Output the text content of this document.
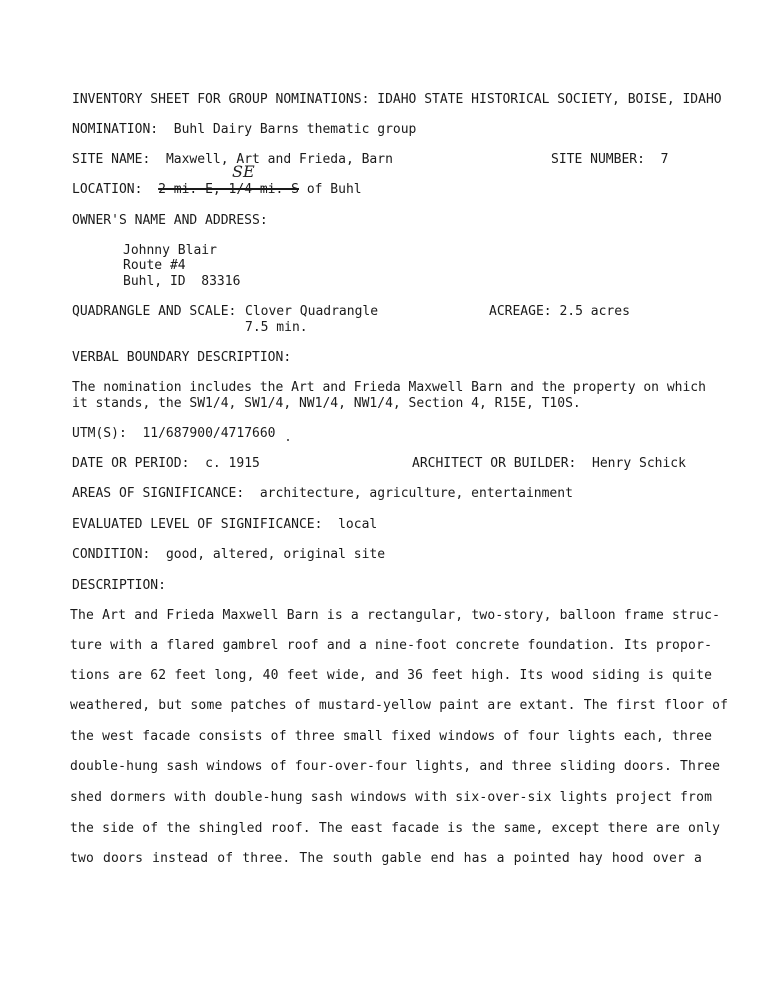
INVENTORY SHEET FOR GROUP NOMINATIONS: IDAHO STATE HISTORICAL SOCIETY, BOISE, IDAHO
NOMINATION: Buhl Dairy Barns thematic group
SITE NAME: Maxwell, Art and Frieda, Barn	SITE NUMBER: 7
SE
LOCATION: 2 mi. E, 1/4 mi. S of Buhl
OWNER'S NAME AND ADDRESS:
Johnny Blair
Route #4
Buhl, ID  83316
QUADRANGLE AND SCALE: Clover Quadrangle
7.5 min.
ACREAGE: 2.5 acres
VERBAL BOUNDARY DESCRIPTION:
The nomination includes the Art and Frieda Maxwell Barn and the property on which
it stands, the SW1/4, SW1/4, NW1/4, NW1/4, Section 4, R15E, T10S.
UTM(S): 11/687900/4717660
DATE OR PERIOD: c. 1915	ARCHITECT OR BUILDER: Henry Schick
AREAS OF SIGNIFICANCE: architecture, agriculture, entertainment
EVALUATED LEVEL OF SIGNIFICANCE: local
CONDITION: good, altered, original site
DESCRIPTION:
The Art and Frieda Maxwell Barn is a rectangular, two-story, balloon frame struc-
ture with a flared gambrel roof and a nine-foot concrete foundation. Its propor-
tions are 62 feet long, 40 feet wide, and 36 feet high. Its wood siding is quite
weathered, but some patches of mustard-yellow paint are extant. The first floor of
the west facade consists of three small fixed windows of four lights each, three
double-hung sash windows of four-over-four lights, and three sliding doors. Three
shed dormers with double-hung sash windows with six-over-six lights project from
the side of the shingled roof. The east facade is the same, except there are only
two doors instead of three. The south gable end has a pointed hay hood over a
